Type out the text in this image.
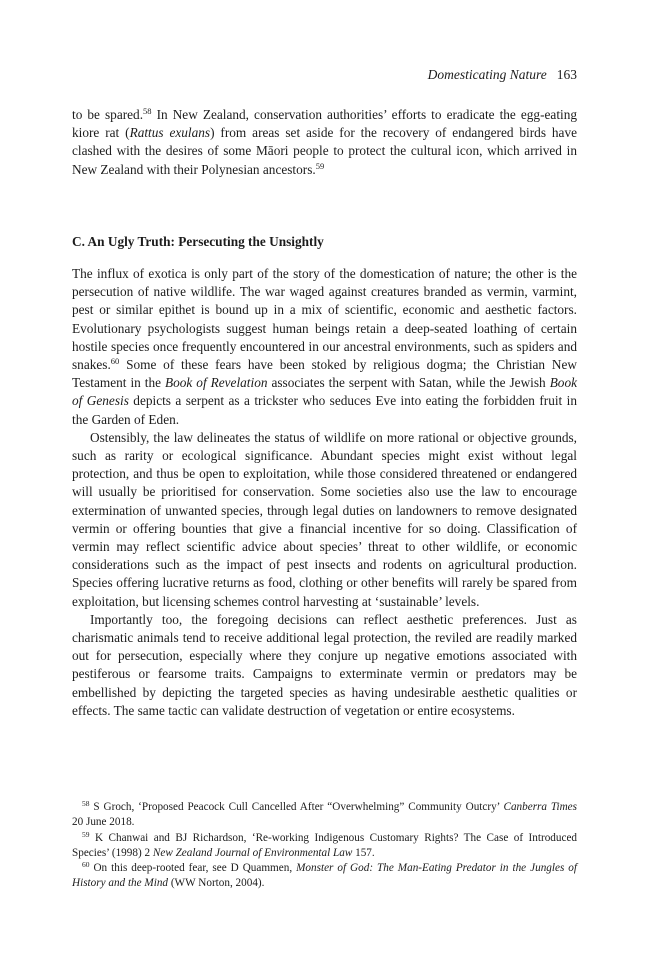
Domesticating Nature 163
to be spared.$^{58}$ In New Zealand, conservation authorities’ efforts to eradicate the egg-eating kiore rat (Rattus exulans) from areas set aside for the recovery of endangered birds have clashed with the desires of some Māori people to protect the cultural icon, which arrived in New Zealand with their Polynesian ancestors.$^{59}$
C. An Ugly Truth: Persecuting the Unsightly

The influx of exotica is only part of the story of the domestication of nature; the other is the persecution of native wildlife. The war waged against creatures branded as vermin, varmint, pest or similar epithet is bound up in a mix of scientific, economic and aesthetic factors. Evolutionary psychologists suggest human beings retain a deep-seated loathing of certain hostile species once frequently encountered in our ancestral environments, such as spiders and snakes.$^{60}$ Some of these fears have been stoked by religious dogma; the Christian New Testament in the Book of Revelation associates the serpent with Satan, while the Jewish Book of Genesis depicts a serpent as a trickster who seduces Eve into eating the forbidden fruit in the Garden of Eden.

Ostensibly, the law delineates the status of wildlife on more rational or objective grounds, such as rarity or ecological significance. Abundant species might exist without legal protection, and thus be open to exploitation, while those considered threatened or endangered will usually be prioritised for conservation. Some societies also use the law to encourage extermination of unwanted species, through legal duties on landowners to remove designated vermin or offering bounties that give a financial incentive for so doing. Classification of vermin may reflect scientific advice about species’ threat to other wildlife, or economic considerations such as the impact of pest insects and rodents on agricultural production. Species offering lucrative returns as food, clothing or other benefits will rarely be spared from exploitation, but licensing schemes control harvesting at ‘sustainable’ levels.

Importantly too, the foregoing decisions can reflect aesthetic preferences. Just as charismatic animals tend to receive additional legal protection, the reviled are readily marked out for persecution, especially where they conjure up negative emotions associated with pestiferous or fearsome traits. Campaigns to exterminate vermin or predators may be embellished by depicting the targeted species as having undesirable aesthetic qualities or effects. The same tactic can validate destruction of vegetation or entire ecosystems.

$^{58}$ S Groch, ‘Proposed Peacock Cull Cancelled After “Overwhelming” Community Outcry’ Canberra Times 20 June 2018.

$^{59}$ K Chanwai and BJ Richardson, ‘Re-working Indigenous Customary Rights? The Case of Introduced Species’ (1998) 2 New Zealand Journal of Environmental Law 157.

$^{60}$ On this deep-rooted fear, see D Quammen, Monster of God: The Man-Eating Predator in the Jungles of History and the Mind (WW Norton, 2004).
